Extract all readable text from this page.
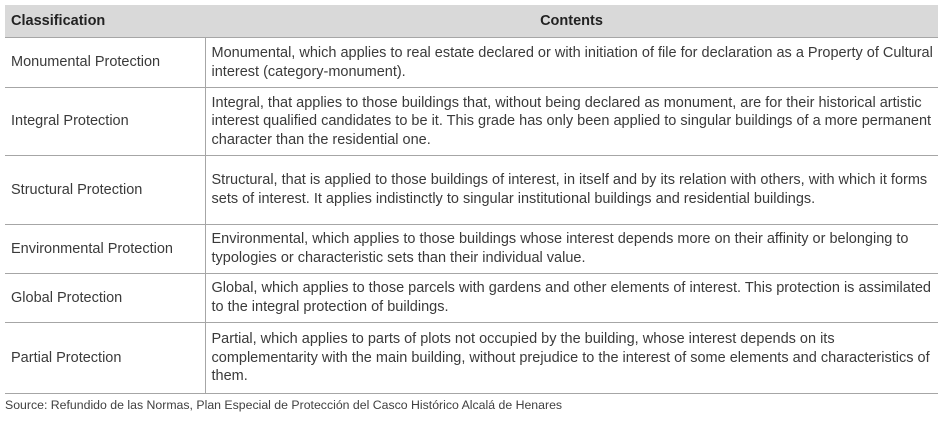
Classification	Contents
Monumental Protection	Monumental, which applies to real estate declared or with initiation of file for declaration as a Property of Cultural interest (category-monument).
Integral Protection	Integral, that applies to those buildings that, without being declared as monument, are for their historical artistic interest qualified candidates to be it. This grade has only been applied to singular buildings of a more permanent character than the residential one.
Structural Protection	Structural, that is applied to those buildings of interest, in itself and by its relation with others, with which it forms sets of interest. It applies indistinctly to singular institutional buildings and residential buildings.
Environmental Protection	Environmental, which applies to those buildings whose interest depends more on their affinity or belonging to typologies or characteristic sets than their individual value.
Global Protection	Global, which applies to those parcels with gardens and other elements of interest. This protection is assimilated to the integral protection of buildings.
Partial Protection	Partial, which applies to parts of plots not occupied by the building, whose interest depends on its complementarity with the main building, without prejudice to the interest of some elements and characteristics of them.
Source: Refundido de las Normas, Plan Especial de Protección del Casco Histórico Alcalá de Henares
